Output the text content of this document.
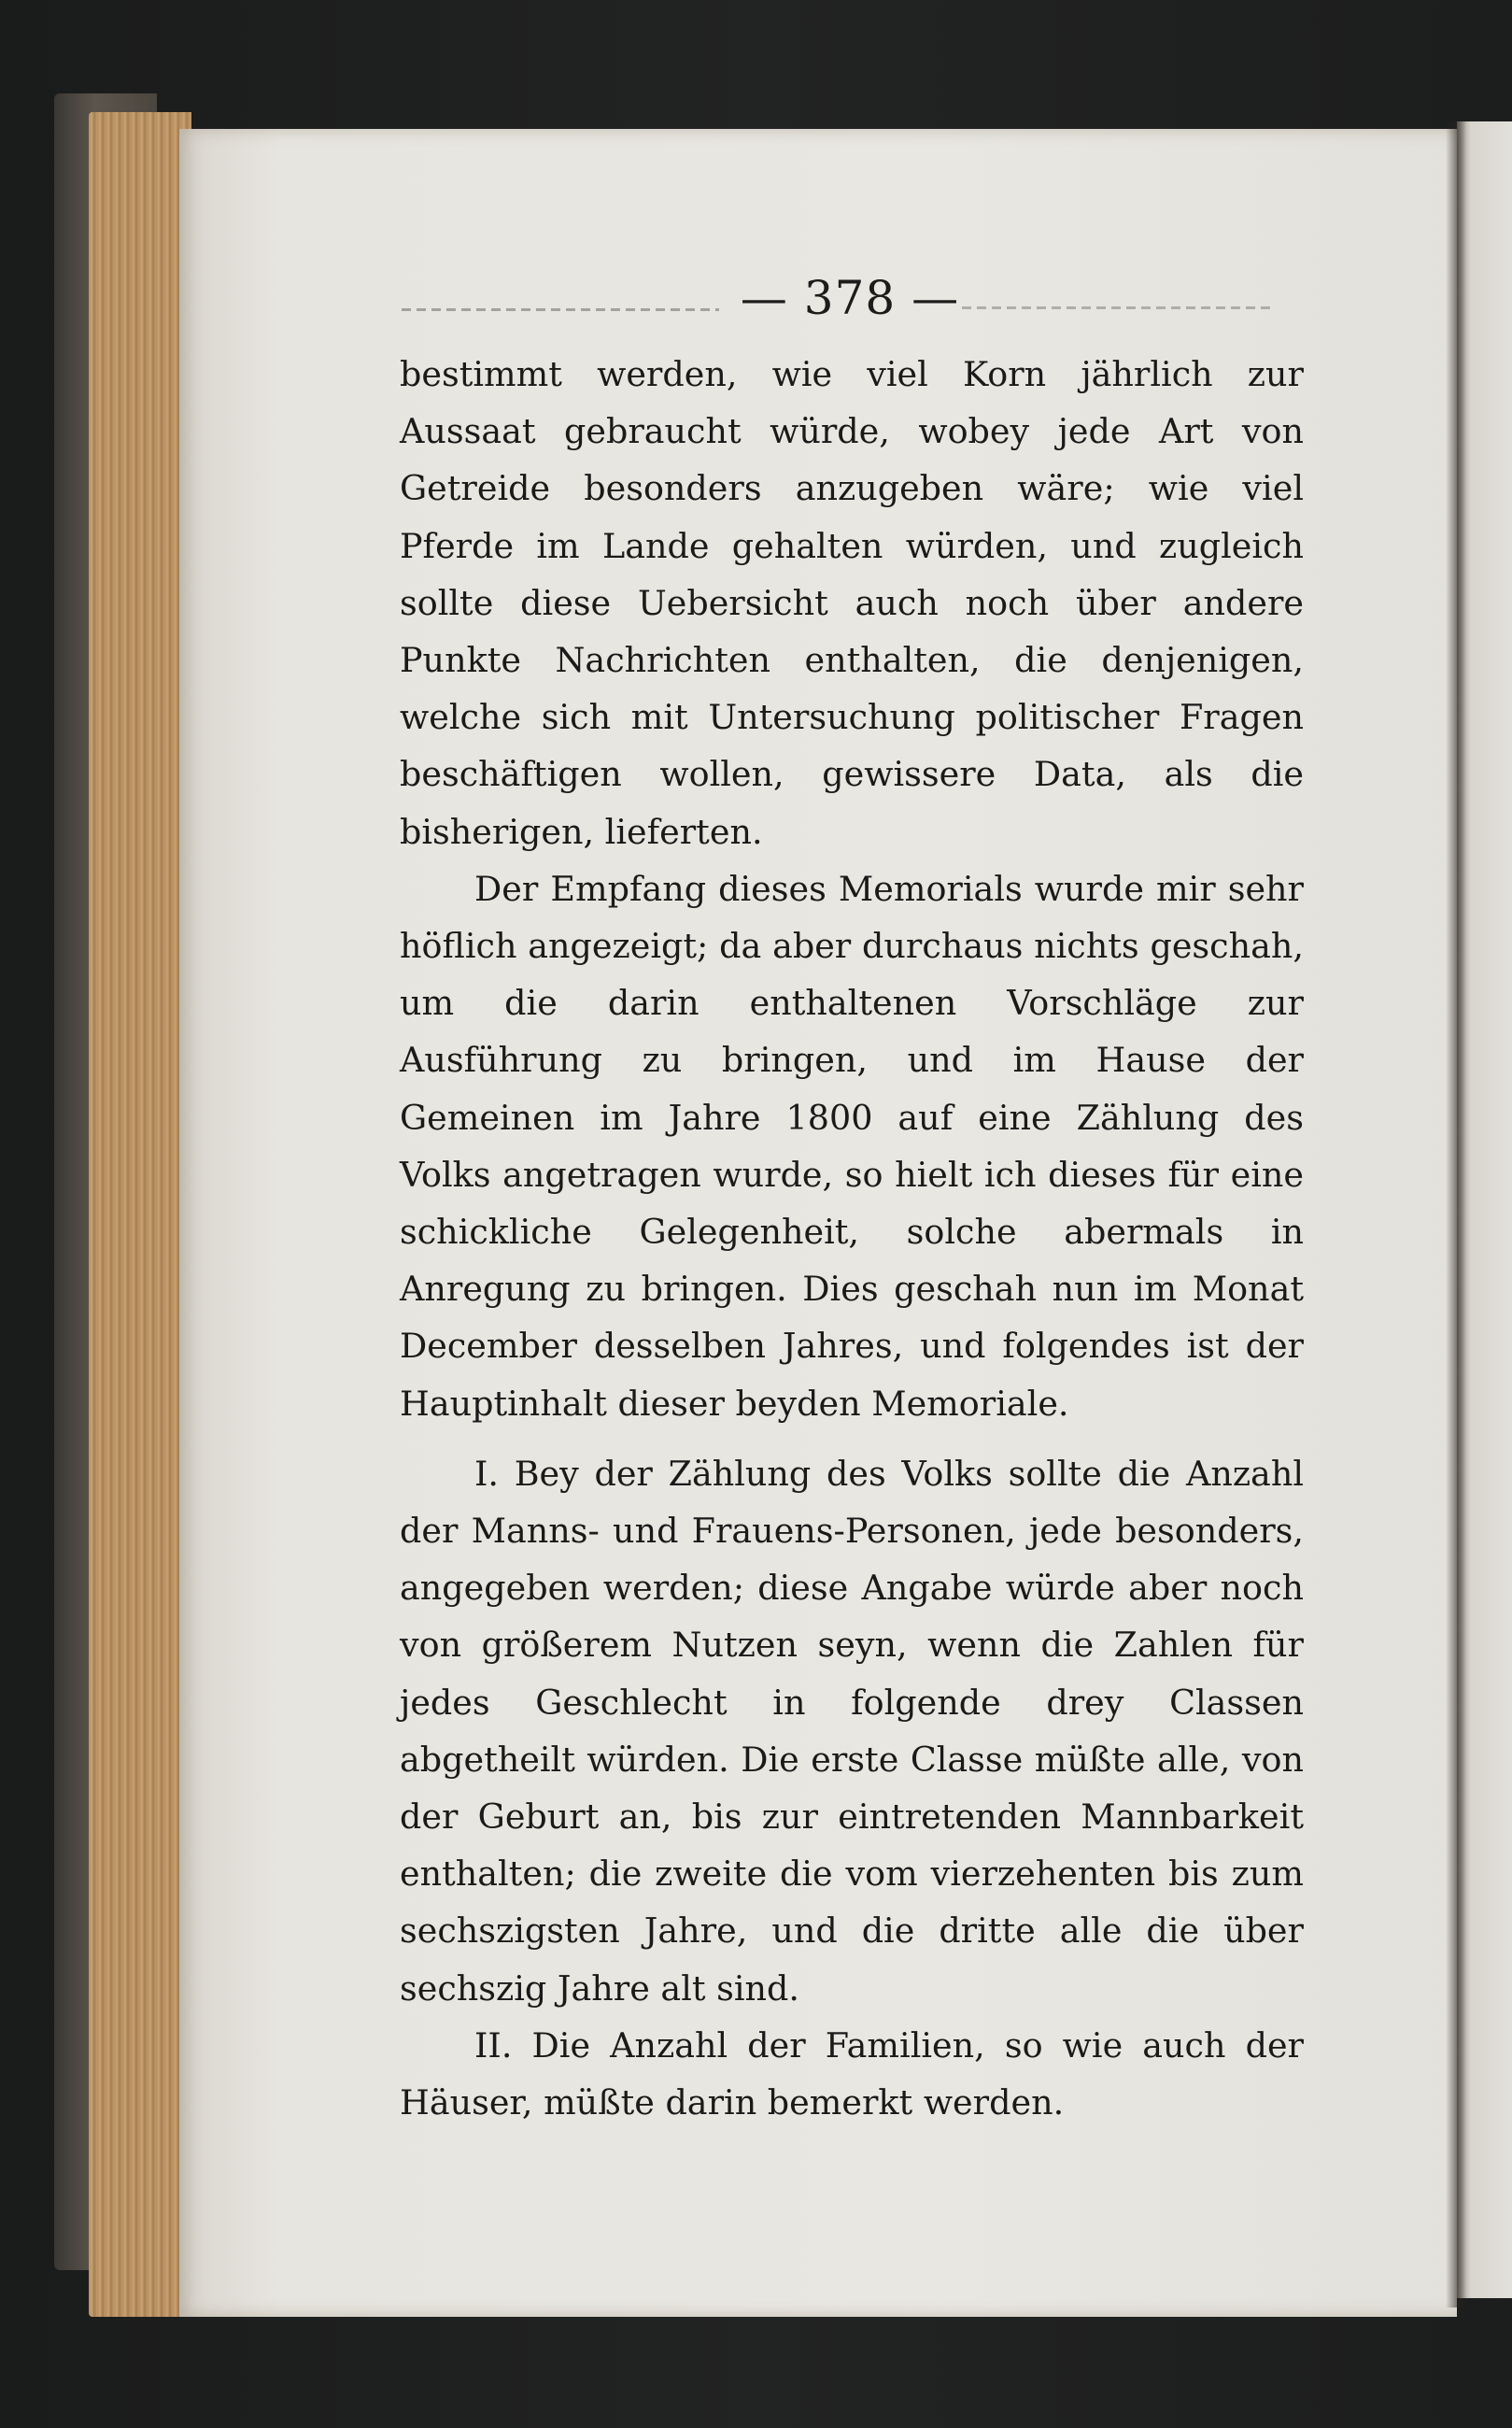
— 378 —

bestimmt werden, wie viel Korn jährlich zur Aussaat gebraucht würde, wobey jede Art von Getreide besonders anzugeben wäre; wie viel Pferde im Lande gehalten würden, und zugleich sollte diese Uebersicht auch noch über andere Punkte Nachrichten enthalten, die denjenigen, welche sich mit Untersuchung politischer Fragen beschäftigen wollen, gewissere Data, als die bisherigen, lieferten.

Der Empfang dieses Memorials wurde mir sehr höflich angezeigt; da aber durchaus nichts geschah, um die darin enthaltenen Vorschläge zur Ausführung zu bringen, und im Hause der Gemeinen im Jahre 1800 auf eine Zählung des Volks angetragen wurde, so hielt ich dieses für eine schickliche Gelegenheit, solche abermals in Anregung zu bringen. Dies geschah nun im Monat December desselben Jahres, und folgendes ist der Hauptinhalt dieser beyden Memoriale.

I. Bey der Zählung des Volks sollte die Anzahl der Manns- und Frauens-Personen, jede besonders, angegeben werden; diese Angabe würde aber noch von größerem Nutzen seyn, wenn die Zahlen für jedes Geschlecht in folgende drey Classen abgetheilt würden. Die erste Classe müßte alle, von der Geburt an, bis zur eintretenden Mannbarkeit enthalten; die zweite die vom vierzehenten bis zum sechszigsten Jahre, und die dritte alle die über sechszig Jahre alt sind.

II. Die Anzahl der Familien, so wie auch der Häuser, müßte darin bemerkt werden.
